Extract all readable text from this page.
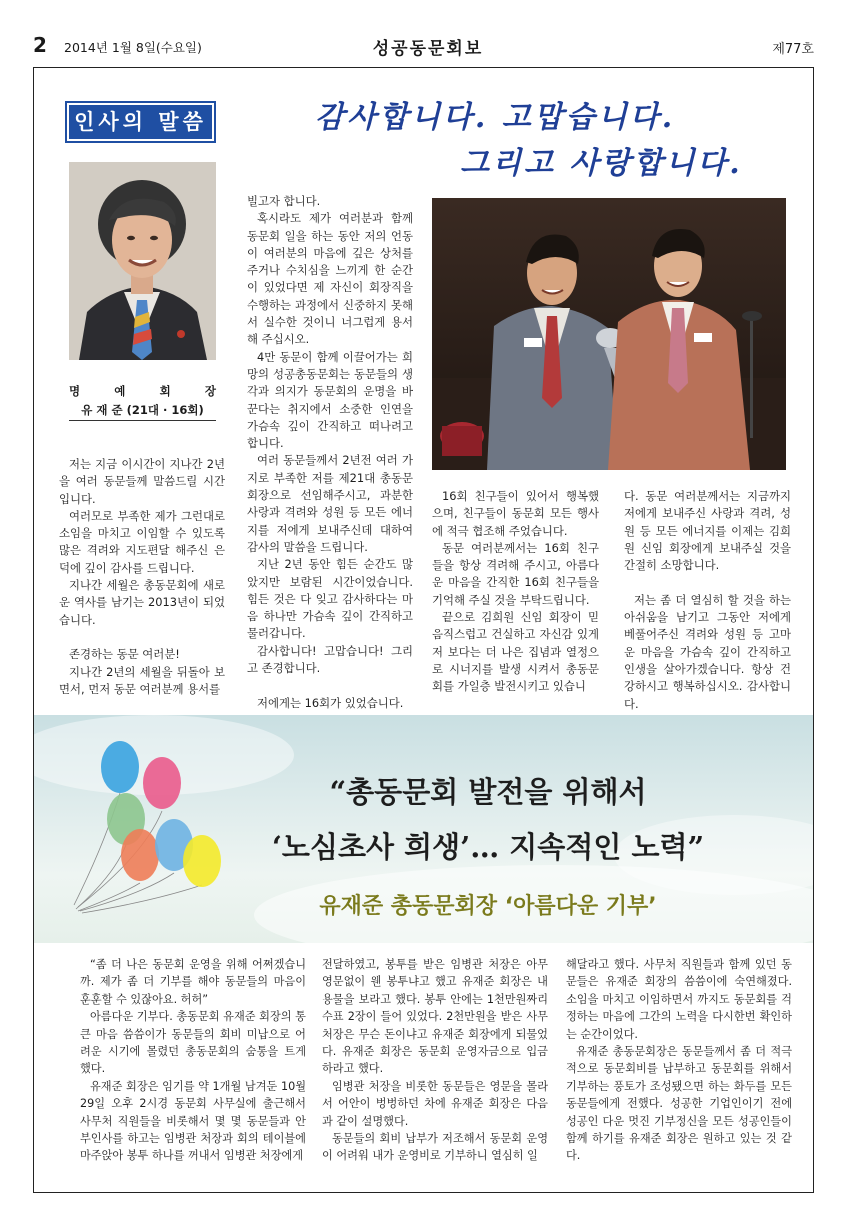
2 2014년 1월 8일(수요일)	성공동문회보	제77호
인사의 말씀	감사합니다. 고맙습니다.
그리고 사랑합니다.
명	예	회	장
유 재 준 (21대 · 16회)

저는 지금 이시간이 지나간 2년을 여러 동문들께 말씀드릴 시간입니다.

여러모로 부족한 제가 그런대로 소임을 마치고 이임할 수 있도록 많은 격려와 지도편달 해주신 은덕에 깊이 감사를 드립니다.

지나간 세월은 총동문회에 새로운 역사를 남기는 2013년이 되었습니다.

존경하는 동문 여러분!

지나간 2년의 세월을 뒤돌아 보면서, 먼저 동문 여러분께 용서를

빌고자 합니다.

혹시라도 제가 여러분과 함께 동문회 일을 하는 동안 저의 언동이 여러분의 마음에 깊은 상처를 주거나 수치심을 느끼게 한 순간이 있었다면 제 자신이 회장직을 수행하는 과정에서 신중하지 못해서 실수한 것이니 너그럽게 용서해 주십시오.

4만 동문이 함께 이끌어가는 희망의 성공총동문회는 동문들의 생각과 의지가 동문회의 운명을 바꾼다는 취지에서 소중한 인연을 가슴속 깊이 간직하고 떠나려고 합니다.

여러 동문들께서 2년전 여러 가지로 부족한 저를 제21대 총동문회장으로 선임해주시고, 과분한 사랑과 격려와 성원 등 모든 에너지를 저에게 보내주신데 대하여 감사의 말씀을 드립니다.

지난 2년 동안 힘든 순간도 많았지만 보람된 시간이었습니다. 힘든 것은 다 잊고 감사하다는 마음 하나만 가슴속 깊이 간직하고 물러갑니다.

감사합니다! 고맙습니다! 그리고 존경합니다.

저에게는 16회가 있었습니다.

16회 친구들이 있어서 행복했으며, 친구들이 동문회 모든 행사에 적극 협조해 주었습니다.

동문 여러분께서는 16회 친구들을 항상 격려해 주시고, 아름다운 마음을 간직한 16회 친구들을 기억해 주실 것을 부탁드립니다.

끝으로 김희원 신임 회장이 믿음직스럽고 건실하고 자신감 있게 저 보다는 더 나은 집념과 열정으로 시너지를 발생 시켜서 총동문회를 가일층 발전시키고 있습니

다. 동문 여러분께서는 지금까지 저에게 보내주신 사랑과 격려, 성원 등 모든 에너지를 이제는 김희원 신임 회장에게 보내주실 것을 간절히 소망합니다.

저는 좀 더 열심히 할 것을 하는 아쉬움을 남기고 그동안 저에게 베풀어주신 격려와 성원 등 고마운 마음을 가슴속 깊이 간직하고 인생을 살아가겠습니다. 항상 건강하시고 행복하십시오. 감사합니다.

“총동문회 발전을 위해서
‘노심초사 희생’… 지속적인 노력”
유재준 총동문회장 ‘아름다운 기부’

“좀 더 나은 동문회 운영을 위해 어쩌겠습니까. 제가 좀 더 기부를 해야 동문들의 마음이 훈훈할 수 있잖아요. 허허”

아름다운 기부다. 총동문회 유재준 회장의 통 큰 마음 씀씀이가 동문들의 회비 미납으로 어려운 시기에 몰렸던 총동문회의 숨통을 트게 했다.

유재준 회장은 임기를 약 1개월 남겨둔 10월 29일 오후 2시경 동문회 사무실에 출근해서 사무처 직원들을 비롯해서 몇 몇 동문들과 안부인사를 하고는 임병관 처장과 회의 테이블에 마주앉아 봉투 하나를 꺼내서 임병관 처장에게

전달하였고, 봉투를 받은 임병관 처장은 아무 영문없이 웬 봉투냐고 했고 유재준 회장은 내용물을 보라고 했다. 봉투 안에는 1천만원짜리 수표 2장이 들어 있었다. 2천만원을 받은 사무처장은 무슨 돈이냐고 유재준 회장에게 되물었다. 유재준 회장은 동문회 운영자금으로 입금하라고 했다.

임병관 처장을 비롯한 동문들은 영문을 몰라서 어안이 벙벙하던 차에 유재준 회장은 다음과 같이 설명했다.

동문들의 회비 납부가 저조해서 동문회 운영이 어려워 내가 운영비로 기부하니 열심히 일

해달라고 했다. 사무처 직원들과 함께 있던 동문들은 유재준 회장의 씀씀이에 숙연해졌다. 소임을 마치고 이임하면서 까지도 동문회를 걱정하는 마음에 그간의 노력을 다시한번 확인하는 순간이었다.

유재준 총동문회장은 동문들께서 좀 더 적극적으로 동문회비를 납부하고 동문회를 위해서 기부하는 풍토가 조성됐으면 하는 화두를 모든 동문들에게 전했다. 성공한 기업인이기 전에 성공인 다운 멋진 기부정신을 모든 성공인들이 함께 하기를 유재준 회장은 원하고 있는 것 같다.
